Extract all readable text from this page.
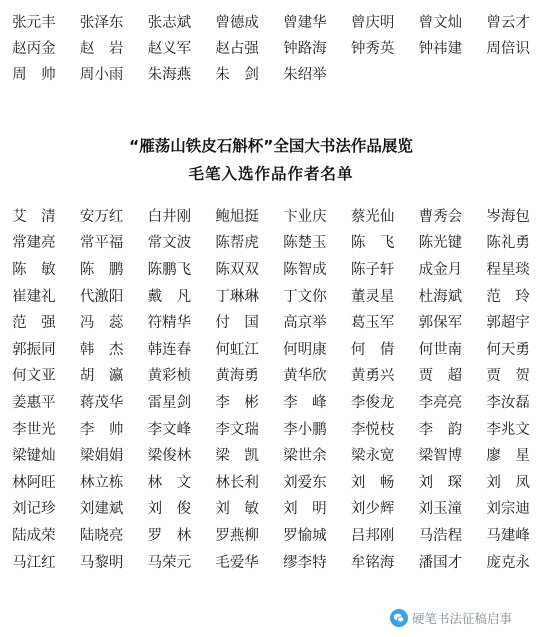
张元丰	张泽东	张志斌	曾德成	曾建华	曾庆明	曾文灿	曾云才
赵丙金	赵　岩	赵义军	赵占强	钟路海	钟秀英	钟祎建	周倍识
周　帅	周小雨	朱海燕	朱　剑	朱绍举
“雁荡山铁皮石斛杯”全国大书法作品展览
毛笔入选作品作者名单
艾　清	安万红	白井刚	鲍旭挺	卞业庆	蔡光仙	曹秀会	岑海包
常建亮	常平福	常文波	陈帮虎	陈楚玉	陈　飞	陈光键	陈礼勇
陈　敏	陈　鹏	陈鹏飞	陈双双	陈智成	陈子轩	成金月	程星琰
崔建礼	代激阳	戴　凡	丁琳琳	丁文你	董灵星	杜海斌	范　玲
范　强	冯　蕊	符精华	付　国	高京举	葛玉军	郭保军	郭超宇
郭振同	韩　杰	韩连春	何虹江	何明康	何　倩	何世南	何天勇
何文亚	胡　瀛	黄彩桢	黄海勇	黄华欣	黄勇兴	贾　超	贾　贺
姜惠平	蒋茂华	雷星剑	李　彬	李　峰	李俊龙	李亮亮	李汝磊
李世光	李　帅	李文峰	李文瑞	李小鹏	李悦枝	李　韵	李兆文
梁键灿	梁娟娟	梁俊林	梁　凯	梁世余	梁永宽	梁智博	廖　星
林阿旺	林立栋	林　文	林长利	刘爱东	刘　畅	刘　琛	刘　凤
刘记珍	刘建斌	刘　俊	刘　敏	刘　明	刘少辉	刘玉潼	刘宗迪
陆成荣	陆晓亮	罗　林	罗燕柳	罗愉城	吕邦刚	马浩程	马建峰
马江红	马黎明	马荣元	毛爱华	缪李特	牟铭海	潘国才	庞克永
硬笔书法征稿启事
